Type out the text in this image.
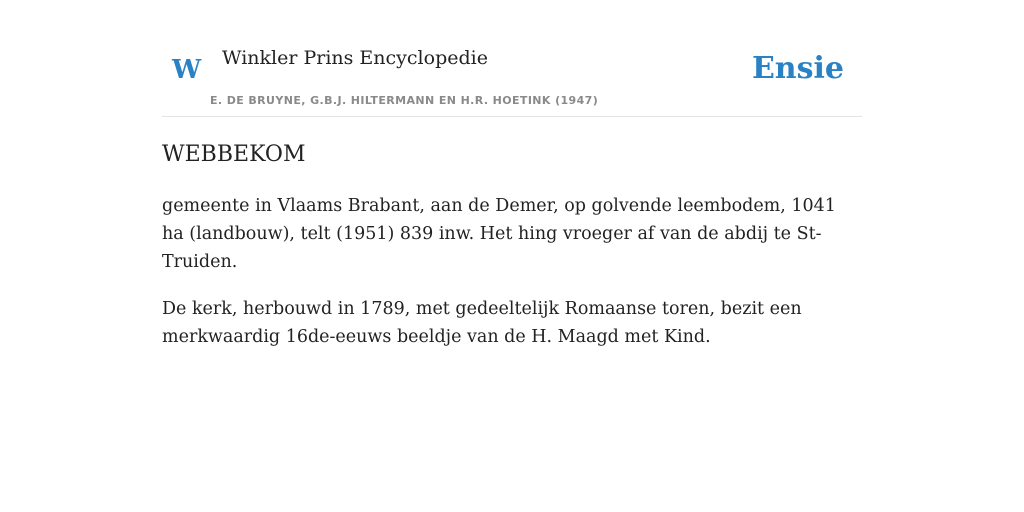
W Winkler Prins Encyclopedie
E. DE BRUYNE, G.B.J. HILTERMANN EN H.R. HOETINK (1947)
Ensie
WEBBEKOM

gemeente in Vlaams Brabant, aan de Demer, op golvende leembodem, 1041 ha (landbouw), telt (1951) 839 inw. Het hing vroeger af van de abdij te St-Truiden.

De kerk, herbouwd in 1789, met gedeeltelijk Romaanse toren, bezit een merkwaardig 16de-eeuws beeldje van de H. Maagd met Kind.
